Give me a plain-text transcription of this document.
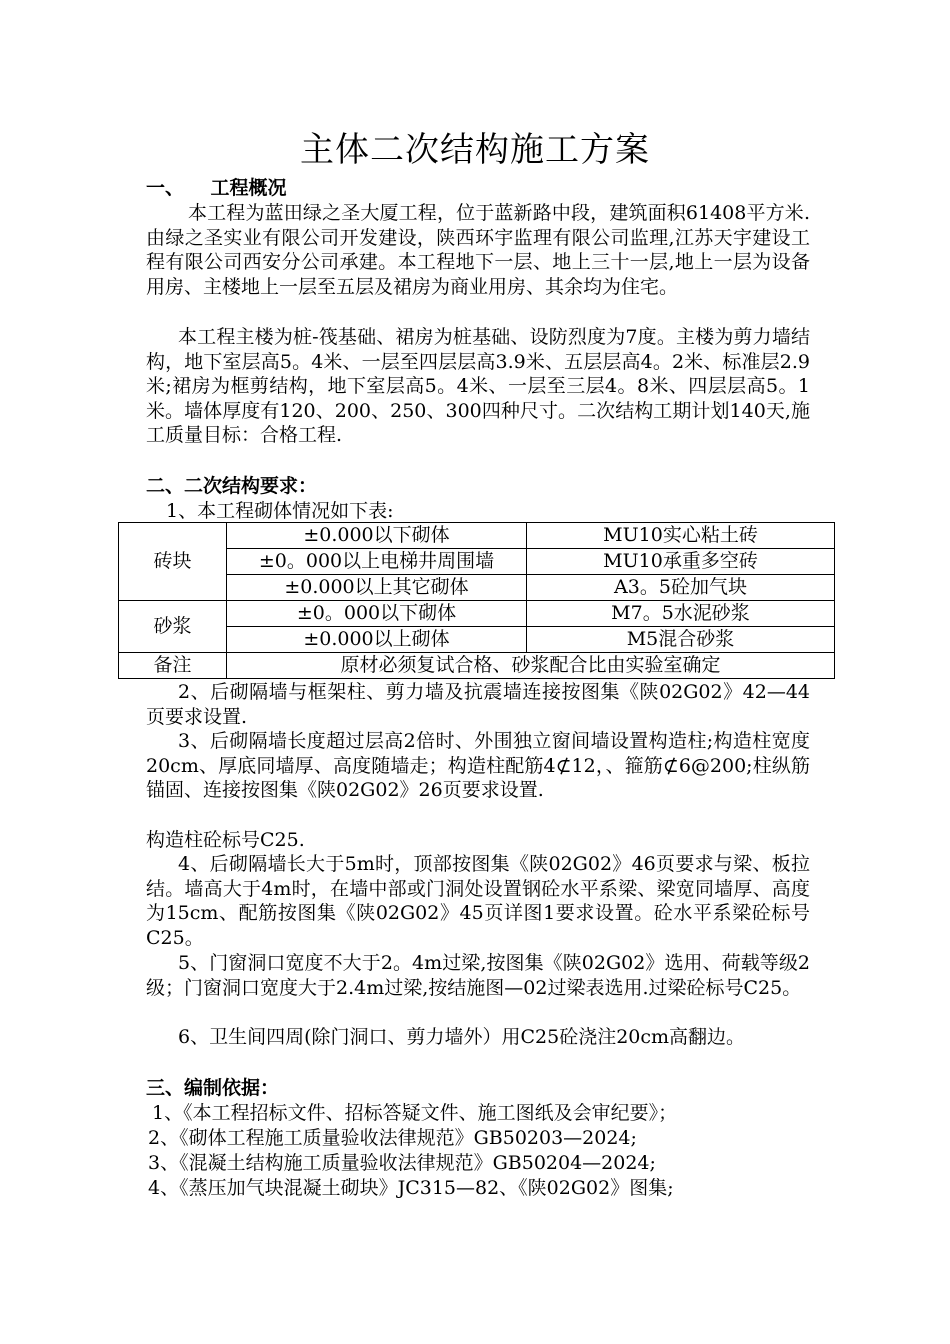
主体二次结构施工方案
一、    工程概况
本工程为蓝田绿之圣大厦工程，位于蓝新路中段，建筑面积61408平方米.由绿之圣实业有限公司开发建设，陕西环宇监理有限公司监理,江苏天宇建设工程有限公司西安分公司承建。本工程地下一层、地上三十一层,地上一层为设备用房、主楼地上一层至五层及裙房为商业用房、其余均为住宅。
本工程主楼为桩-筏基础、裙房为桩基础、设防烈度为7度。主楼为剪力墙结构，地下室层高5。4米、一层至四层层高3.9米、五层层高4。2米、标准层2.9米;裙房为框剪结构，地下室层高5。4米、一层至三层4。8米、四层层高5。1米。墙体厚度有120、200、250、300四种尺寸。二次结构工期计划140天,施工质量目标：合格工程.
二、二次结构要求：
1、本工程砌体情况如下表:
砖块	±0.000以下砌体	MU10实心粘土砖
	±0。000以上电梯井周围墙	MU10承重多空砖
	±0.000以上其它砌体	A3。5砼加气块
砂浆	±0。000以下砌体	M7。5水泥砂浆
	±0.000以上砌体	M5混合砂浆
备注	原材必须复试合格、砂浆配合比由实验室确定	
2、后砌隔墙与框架柱、剪力墙及抗震墙连接按图集《陕02G02》42—44页要求设置.
3、后砌隔墙长度超过层高2倍时、外围独立窗间墙设置构造柱;构造柱宽度20cm、厚底同墙厚、高度随墙走；构造柱配筋4⊄12，、箍筋⊄6@200;柱纵筋锚固、连接按图集《陕02G02》26页要求设置.
构造柱砼标号C25.
4、后砌隔墙长大于5m时，顶部按图集《陕02G02》46页要求与梁、板拉结。墙高大于4m时，在墙中部或门洞处设置钢砼水平系梁、梁宽同墙厚、高度为15cm、配筋按图集《陕02G02》45页详图1要求设置。砼水平系梁砼标号C25。
5、门窗洞口宽度不大于2。4m过梁,按图集《陕02G02》选用、荷载等级2级；门窗洞口宽度大于2.4m过梁,按结施图—02过梁表选用.过梁砼标号C25。
6、卫生间四周(除门洞口、剪力墙外）用C25砼浇注20cm高翻边。
三、编制依据：
1、《本工程招标文件、招标答疑文件、施工图纸及会审纪要》；
2、《砌体工程施工质量验收法律规范》GB50203—2024;
3、《混凝土结构施工质量验收法律规范》GB50204—2024;
4、《蒸压加气块混凝土砌块》JC315—82、《陕02G02》图集;
